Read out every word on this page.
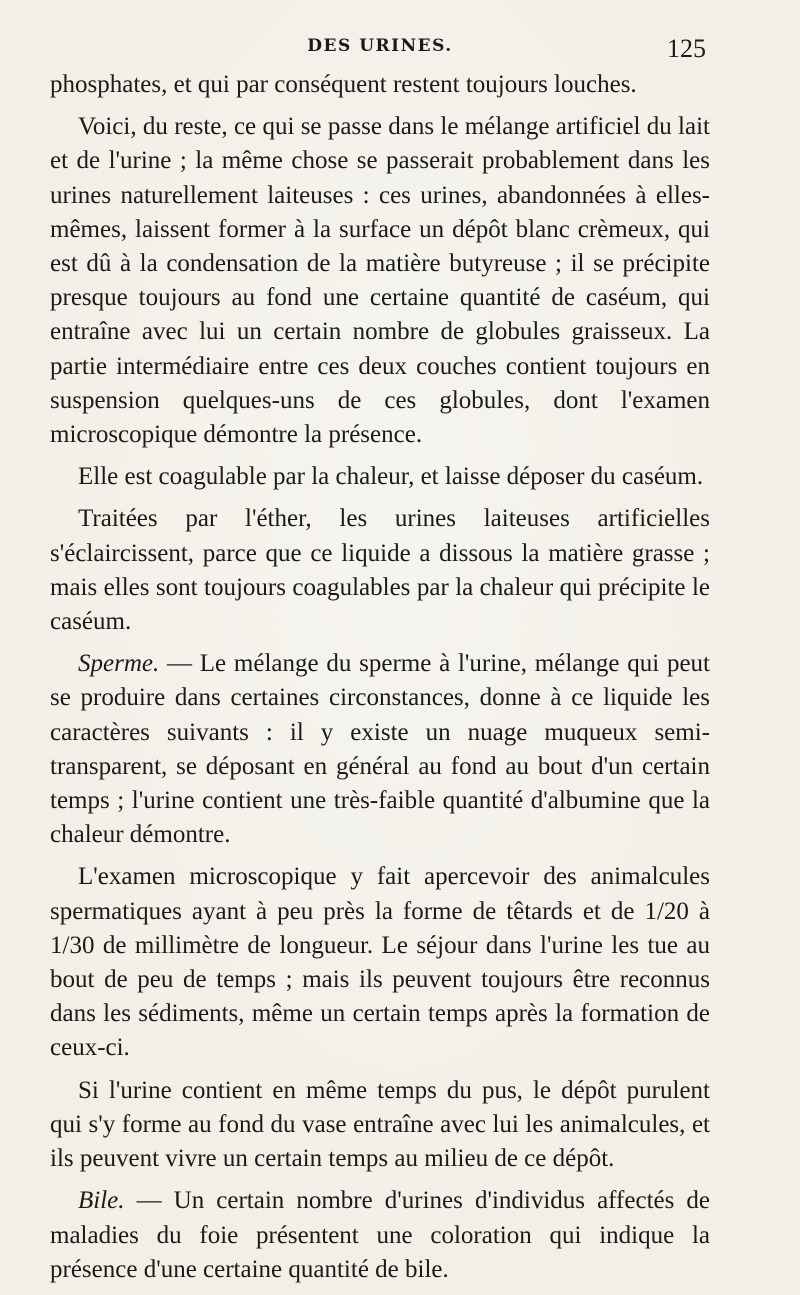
DES URINES.	125

phosphates, et qui par conséquent restent toujours louches.

Voici, du reste, ce qui se passe dans le mélange artificiel du lait et de l'urine ; la même chose se passerait probablement dans les urines naturellement laiteuses : ces urines, abandonnées à elles-mêmes, laissent former à la surface un dépôt blanc crèmeux, qui est dû à la condensation de la matière butyreuse ; il se précipite presque toujours au fond une certaine quantité de caséum, qui entraîne avec lui un certain nombre de globules graisseux. La partie intermédiaire entre ces deux couches contient toujours en suspension quelques-uns de ces globules, dont l'examen microscopique démontre la présence.

Elle est coagulable par la chaleur, et laisse déposer du caséum.

Traitées par l'éther, les urines laiteuses artificielles s'éclaircissent, parce que ce liquide a dissous la matière grasse ; mais elles sont toujours coagulables par la chaleur qui précipite le caséum.

Sperme. — Le mélange du sperme à l'urine, mélange qui peut se produire dans certaines circonstances, donne à ce liquide les caractères suivants : il y existe un nuage muqueux semi-transparent, se déposant en général au fond au bout d'un certain temps ; l'urine contient une très-faible quantité d'albumine que la chaleur démontre.

L'examen microscopique y fait apercevoir des animalcules spermatiques ayant à peu près la forme de têtards et de 1/20 à 1/30 de millimètre de longueur. Le séjour dans l'urine les tue au bout de peu de temps ; mais ils peuvent toujours être reconnus dans les sédiments, même un certain temps après la formation de ceux-ci.

Si l'urine contient en même temps du pus, le dépôt purulent qui s'y forme au fond du vase entraîne avec lui les animalcules, et ils peuvent vivre un certain temps au milieu de ce dépôt.

Bile. — Un certain nombre d'urines d'individus affectés de maladies du foie présentent une coloration qui indique la présence d'une certaine quantité de bile.
